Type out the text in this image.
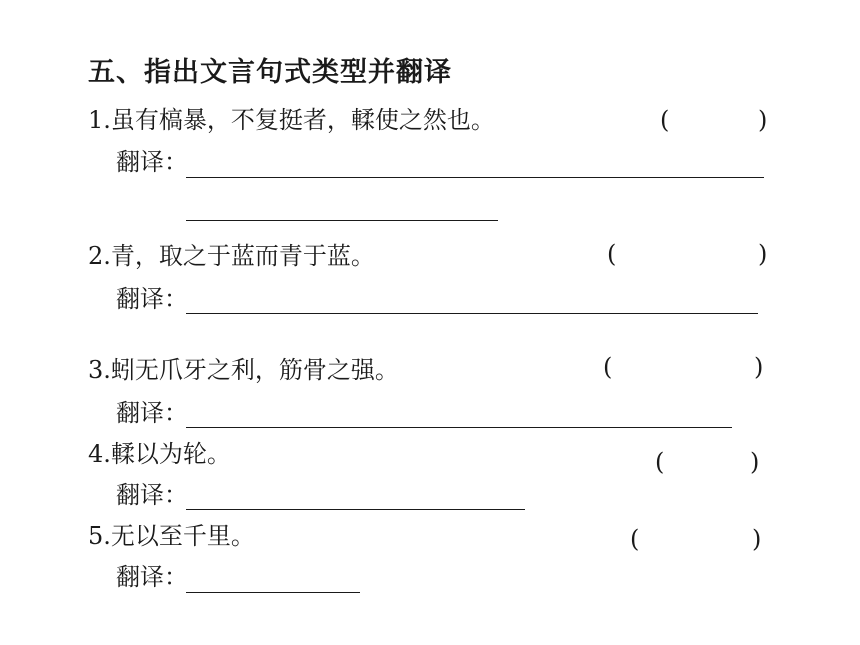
五、指出文言句式类型并翻译
1.虽有槁暴，不复挺者，輮使之然也。	(	)
翻译：
2.青，取之于蓝而青于蓝。	(	)
翻译：
3.蚓无爪牙之利，筋骨之强。	(	)
翻译：
4.輮以为轮。	(	)
翻译：
5.无以至千里。	(	)
翻译：
